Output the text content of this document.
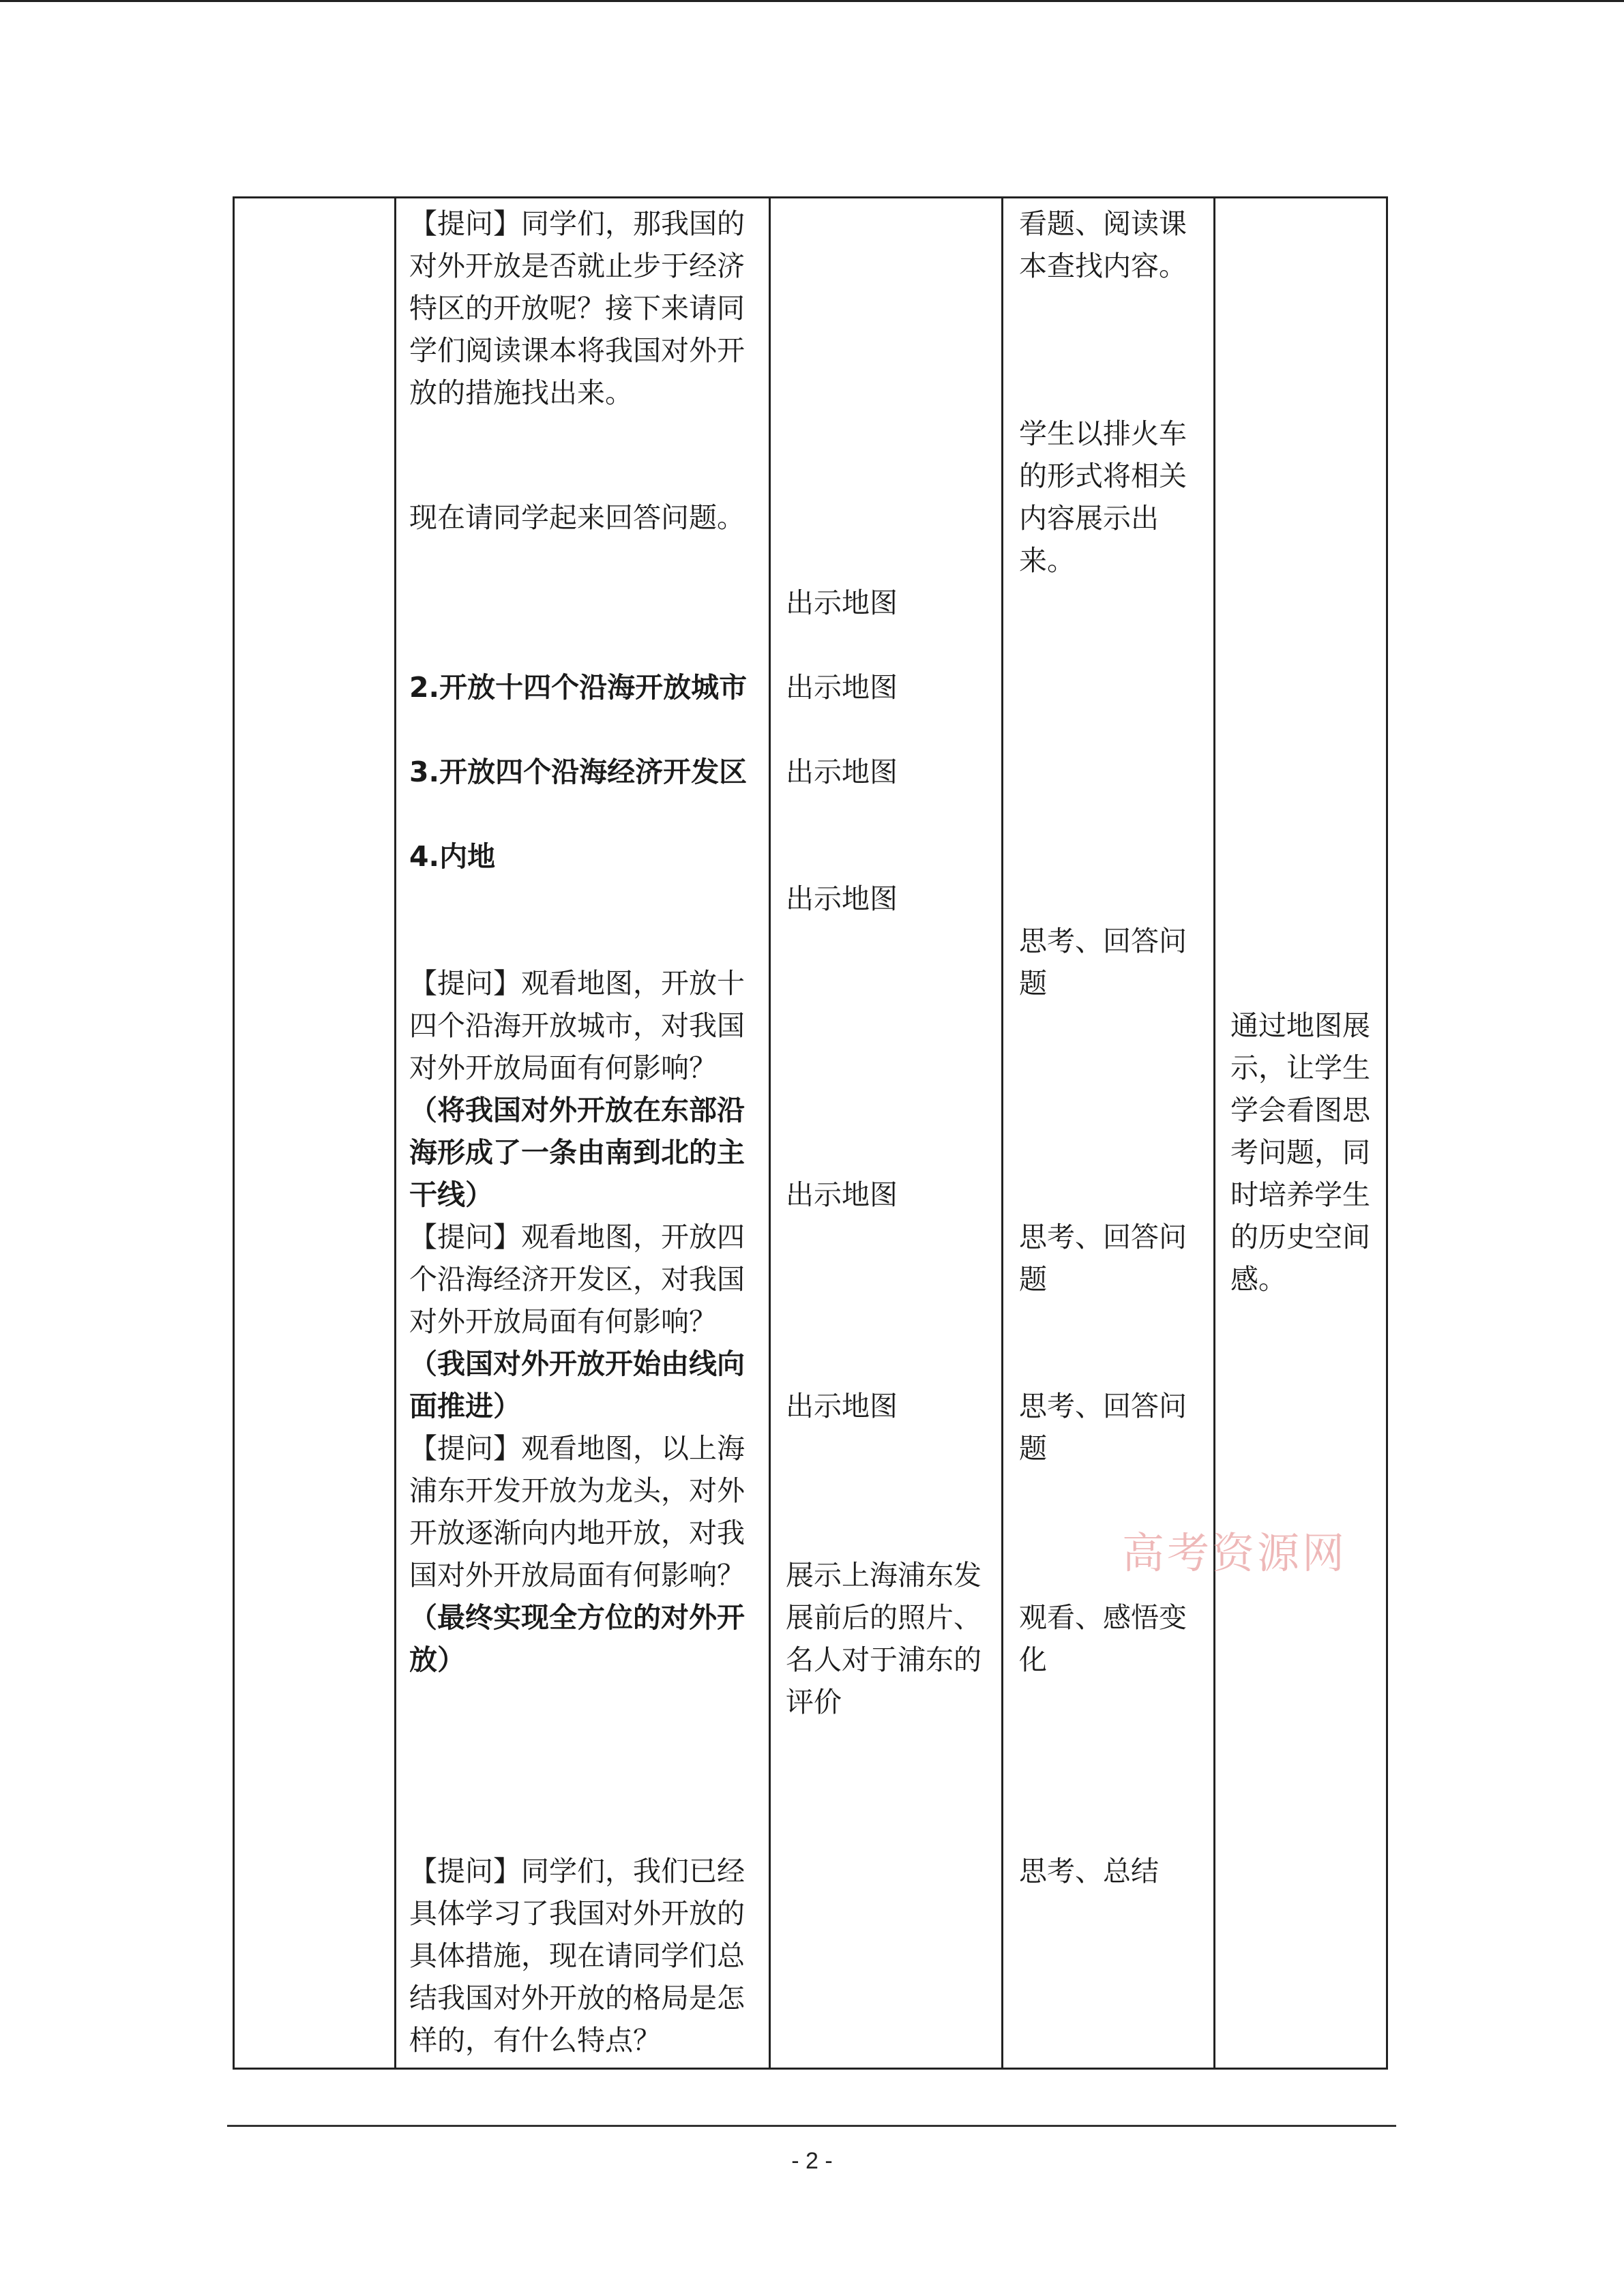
【提问】同学们，那我国的
对外开放是否就止步于经济
特区的开放呢？接下来请同
学们阅读课本将我国对外开
放的措施找出来。
现在请同学起来回答问题。
2.开放十四个沿海开放城市
3.开放四个沿海经济开发区
4.内地
【提问】观看地图，开放十
四个沿海开放城市，对我国
对外开放局面有何影响？
（将我国对外开放在东部沿
海形成了一条由南到北的主
干线）
【提问】观看地图，开放四
个沿海经济开发区，对我国
对外开放局面有何影响？
（我国对外开放开始由线向
面推进）
【提问】观看地图，以上海
浦东开发开放为龙头，对外
开放逐渐向内地开放，对我
国对外开放局面有何影响？
（最终实现全方位的对外开
放）
【提问】同学们，我们已经
具体学习了我国对外开放的
具体措施，现在请同学们总
结我国对外开放的格局是怎
样的，有什么特点？
出示地图
出示地图
出示地图
出示地图
出示地图
出示地图
展示上海浦东发
展前后的照片、
名人对于浦东的
评价
看题、阅读课
本查找内容。
学生以排火车
的形式将相关
内容展示出
来。
思考、回答问
题
思考、回答问
题
思考、回答问
题
观看、感悟变
化
思考、总结
通过地图展
示，让学生
学会看图思
考问题，同
时培养学生
的历史空间
感。
高考资源网
- 2 -
